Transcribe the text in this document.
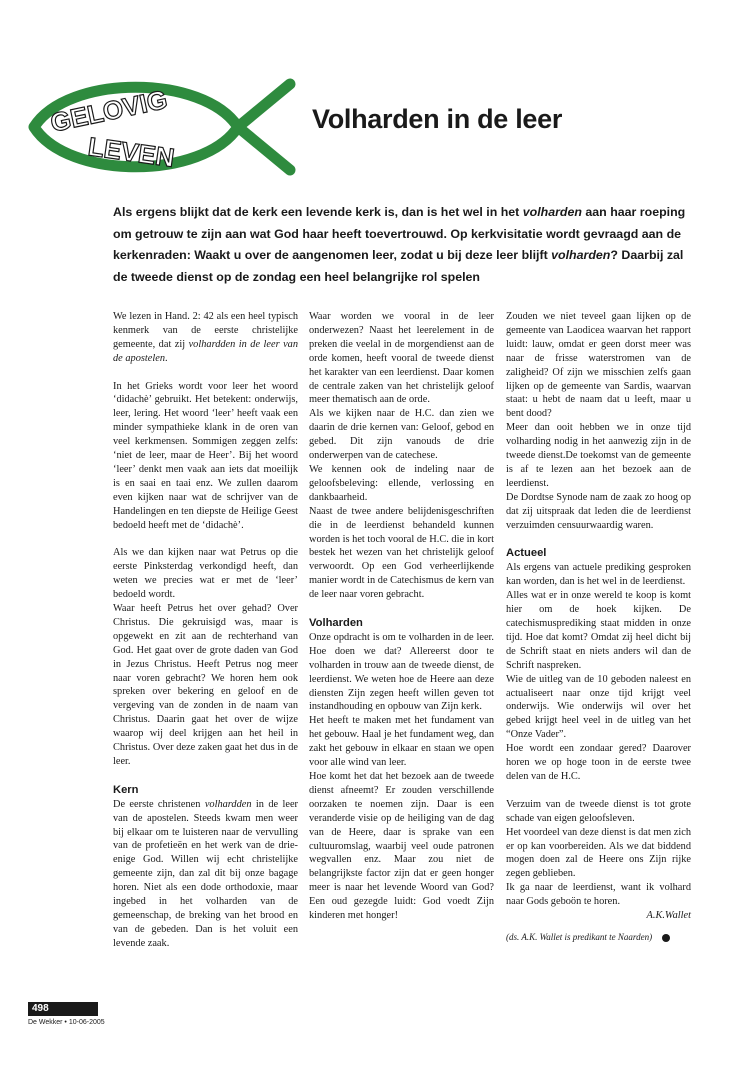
GELOVIG
LEVEN
Volharden in de leer

Als ergens blijkt dat de kerk een levende kerk is, dan is het wel in het volharden aan haar roeping om getrouw te zijn aan wat God haar heeft toevertrouwd. Op kerkvisitatie wordt gevraagd aan de kerkenraden: Waakt u over de aangenomen leer, zodat u bij deze leer blijft volharden? Daarbij zal de tweede dienst op de zondag een heel belangrijke rol spelen

We lezen in Hand. 2: 42 als een heel typisch kenmerk van de eerste christelijke gemeente, dat zij volhardden in de leer van de apostelen.

In het Grieks wordt voor leer het woord ‘didachè’ gebruikt. Het betekent: onderwijs, leer, lering. Het woord ‘leer’ heeft vaak een minder sympathieke klank in de oren van veel kerkmensen. Sommigen zeggen zelfs: ‘niet de leer, maar de Heer’. Bij het woord ‘leer’ denkt men vaak aan iets dat moeilijk is en saai en taai enz. We zullen daarom even kijken naar wat de schrijver van de Handelingen en ten diepste de Heilige Geest bedoeld heeft met de ‘didachè’.

Als we dan kijken naar wat Petrus op die eerste Pinksterdag verkondigd heeft, dan weten we precies wat er met de ‘leer’ bedoeld wordt.

Waar heeft Petrus het over gehad? Over Christus. Die gekruisigd was, maar is opgewekt en zit aan de rechterhand van God. Het gaat over de grote daden van God in Jezus Christus. Heeft Petrus nog meer naar voren gebracht? We horen hem ook spreken over bekering en geloof en de vergeving van de zonden in de naam van Christus. Daarin gaat het over de wijze waarop wij deel krijgen aan het heil in Christus. Over deze zaken gaat het dus in de leer.

Kern

De eerste christenen volhardden in de leer van de apostelen. Steeds kwam men weer bij elkaar om te luisteren naar de vervulling van de profetieën en het werk van de drie-enige God. Willen wij echt christelijke gemeente zijn, dan zal dit bij onze bagage horen. Niet als een dode orthodoxie, maar ingebed in het volharden van de gemeenschap, de breking van het brood en van de gebeden. Dan is het voluit een levende zaak.

Waar worden we vooral in de leer onderwezen? Naast het leerelement in de preken die veelal in de morgendienst aan de orde komen, heeft vooral de tweede dienst het karakter van een leerdienst. Daar komen de centrale zaken van het christelijk geloof meer thematisch aan de orde.

Als we kijken naar de H.C. dan zien we daarin de drie kernen van: Geloof, gebod en gebed. Dit zijn vanouds de drie onderwerpen van de catechese.

We kennen ook de indeling naar de geloofsbeleving: ellende, verlossing en dankbaarheid.

Naast de twee andere belijdenisgeschriften die in de leerdienst behandeld kunnen worden is het toch vooral de H.C. die in kort bestek het wezen van het christelijk geloof verwoordt. Op een God verheerlijkende manier wordt in de Catechismus de kern van de leer naar voren gebracht.

Volharden

Onze opdracht is om te volharden in de leer. Hoe doen we dat? Allereerst door te volharden in trouw aan de tweede dienst, de leerdienst. We weten hoe de Heere aan deze diensten Zijn zegen heeft willen geven tot instandhouding en opbouw van Zijn kerk.

Het heeft te maken met het fundament van het gebouw. Haal je het fundament weg, dan zakt het gebouw in elkaar en staan we open voor alle wind van leer.

Hoe komt het dat het bezoek aan de tweede dienst afneemt? Er zouden verschillende oorzaken te noemen zijn. Daar is een veranderde visie op de heiliging van de dag van de Heere, daar is sprake van een cultuuromslag, waarbij veel oude patronen wegvallen enz. Maar zou niet de belangrijkste factor zijn dat er geen honger meer is naar het levende Woord van God? Een oud gezegde luidt: God voedt Zijn kinderen met honger!

Zouden we niet teveel gaan lijken op de gemeente van Laodicea waarvan het rapport luidt: lauw, omdat er geen dorst meer was naar de frisse waterstromen van de zaligheid? Of zijn we misschien zelfs gaan lijken op de gemeente van Sardis, waarvan staat: u hebt de naam dat u leeft, maar u bent dood?

Meer dan ooit hebben we in onze tijd volharding nodig in het aanwezig zijn in de tweede dienst.De toekomst van de gemeente is af te lezen aan het bezoek aan de leerdienst.

De Dordtse Synode nam de zaak zo hoog op dat zij uitspraak dat leden die de leerdienst verzuimden censuurwaardig waren.

Actueel

Als ergens van actuele prediking gesproken kan worden, dan is het wel in de leerdienst.

Alles wat er in onze wereld te koop is komt hier om de hoek kijken. De catechismusprediking staat midden in onze tijd. Hoe dat komt? Omdat zij heel dicht bij de Schrift staat en niets anders wil dan de Schrift naspreken.

Wie de uitleg van de 10 geboden naleest en actualiseert naar onze tijd krijgt veel onderwijs. Wie onderwijs wil over het gebed krijgt heel veel in de uitleg van het “Onze Vader”.

Hoe wordt een zondaar gered? Daarover horen we op hoge toon in de eerste twee delen van de H.C.

Verzuim van de tweede dienst is tot grote schade van eigen geloofsleven.

Het voordeel van deze dienst is dat men zich er op kan voorbereiden. Als we dat biddend mogen doen zal de Heere ons Zijn rijke zegen geblieben.

Ik ga naar de leerdienst, want ik volhard naar Gods geboön te horen.

A.K.Wallet

(ds. A.K. Wallet is predikant te Naarden)

498
De Wekker • 10-06-2005
